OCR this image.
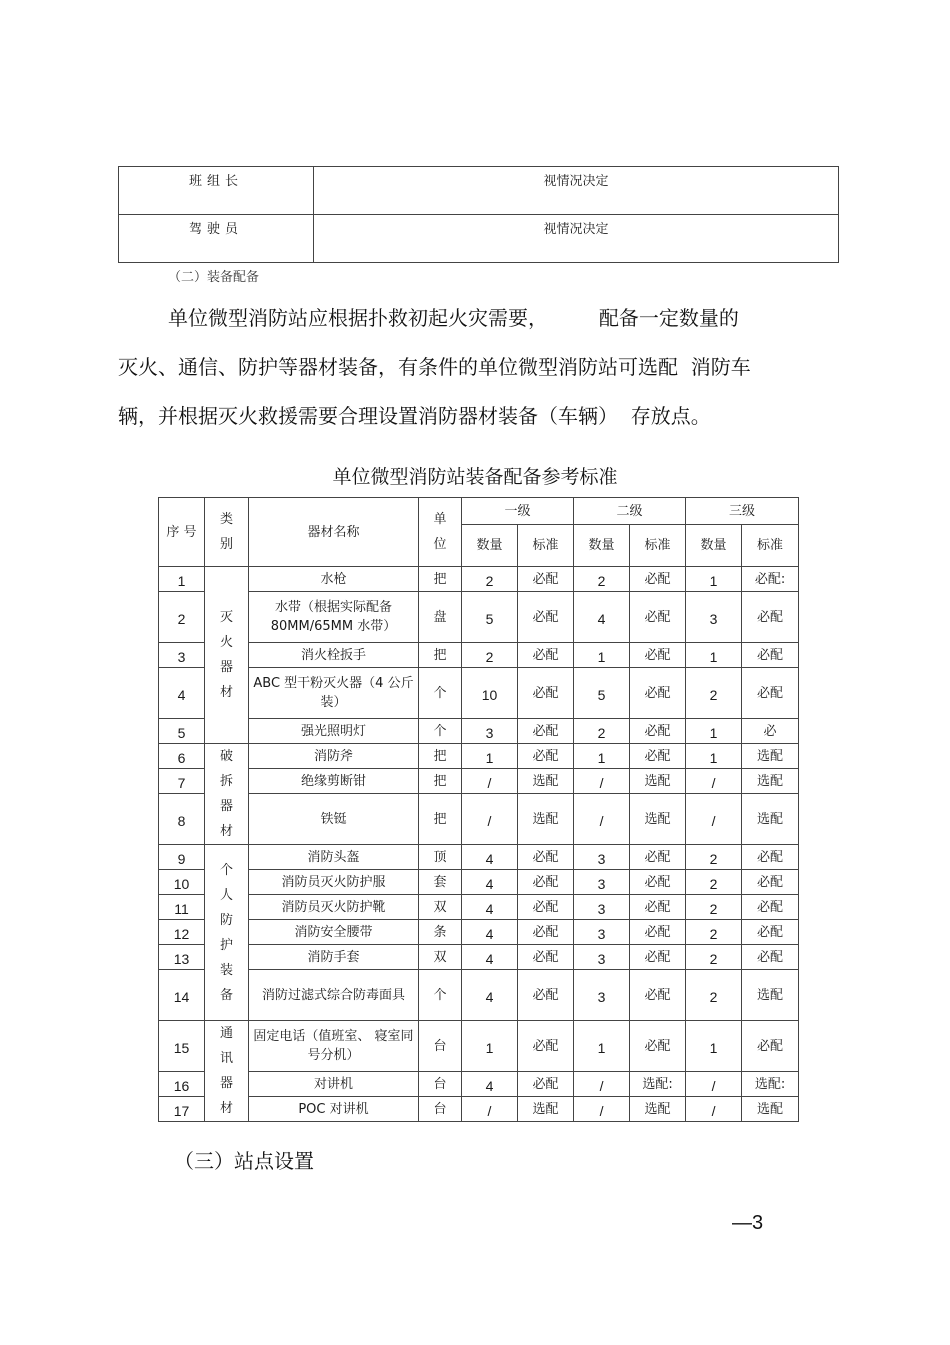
班组长	视情况决定
驾驶员	视情况决定
（二）装备配备
单位微型消防站应根据扑救初起火灾需要，        配备一定数量的
灭火、通信、防护等器材装备，有条件的单位微型消防站可选配  消防车
辆，并根据灭火救援需要合理设置消防器材装备（车辆）  存放点。
单位微型消防站装备配备参考标准
序 号	类别	器材名称	单位	一级		二级		三级	
				数量	标准	数量	标准	数量	标准
1	灭火器材	水枪	把	2	必配	2	必配	1	必配:
2		水带（根据实际配备80MM/65MM 水带）	盘	5	必配	4	必配	3	必配
3		消火栓扳手	把	2	必配	1	必配	1	必配
4		ABC 型干粉灭火器（4 公斤装）	个	10	必配	5	必配	2	必配
5		强光照明灯	个	3	必配	2	必配	1	必
6	破拆器材	消防斧	把	1	必配	1	必配	1	选配
7		绝缘剪断钳	把	/	选配	/	选配	/	选配
8		铁铤	把	/	选配	/	选配	/	选配
9	个人防护装备	消防头盔	顶	4	必配	3	必配	2	必配
10		消防员灭火防护服	套	4	必配	3	必配	2	必配
11		消防员灭火防护靴	双	4	必配	3	必配	2	必配
12		消防安全腰带	条	4	必配	3	必配	2	必配
13		消防手套	双	4	必配	3	必配	2	必配
14		消防过滤式综合防毒面具	个	4	必配	3	必配	2	选配
15	通讯器材	固定电话（值班室、 寝室同号分机）	台	1	必配	1	必配	1	必配
16		对讲机	台	4	必配	/	选配:	/	选配:
17		POC 对讲机	台	/	选配	/	选配	/	选配
（三）站点设置
—3
